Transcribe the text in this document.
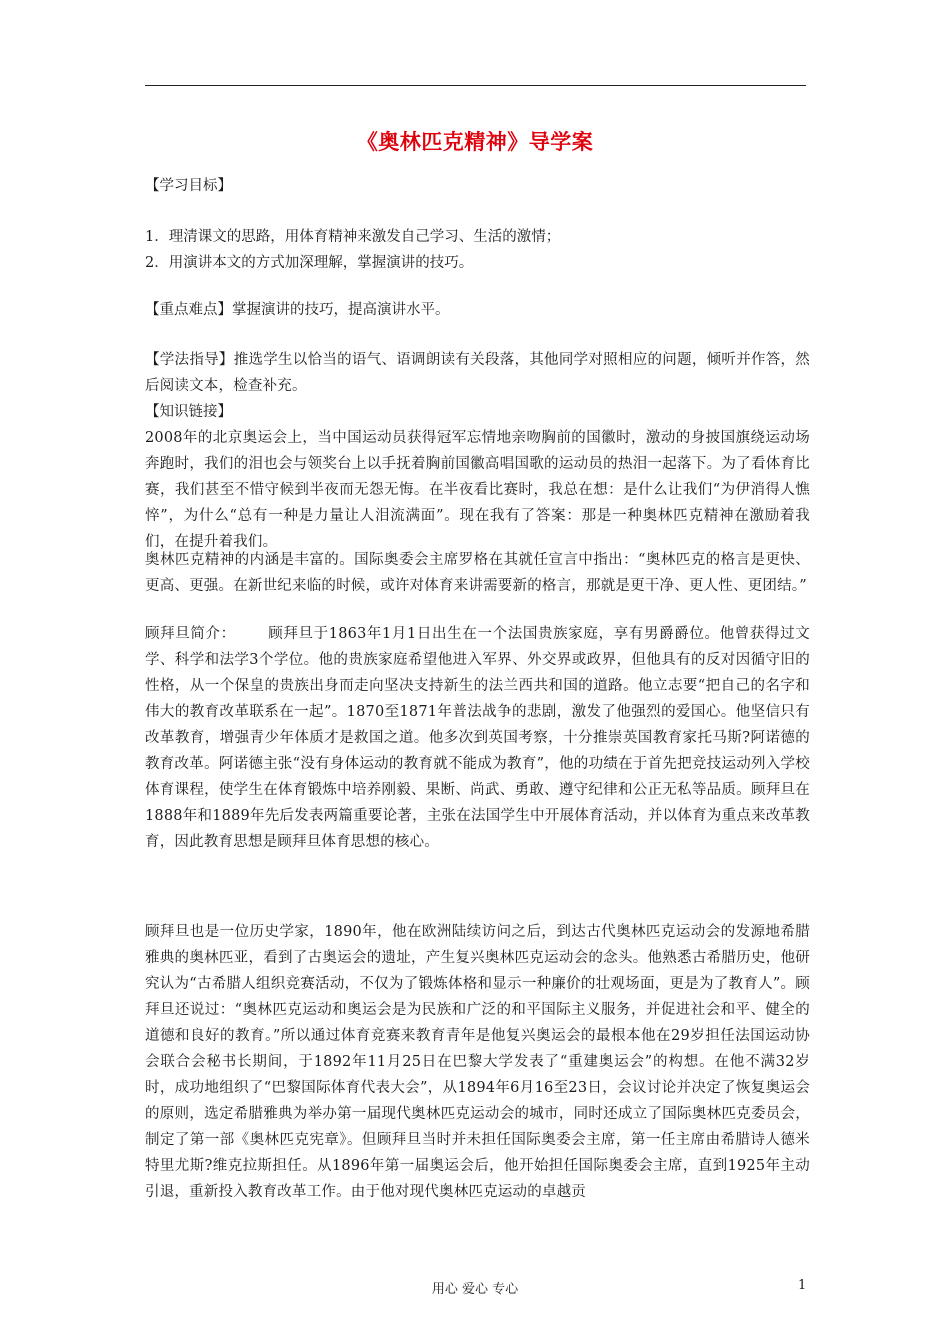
《奥林匹克精神》导学案
【学习目标】
1．理清课文的思路，用体育精神来激发自己学习、生活的激情；
2．用演讲本文的方式加深理解，掌握演讲的技巧。
【重点难点】掌握演讲的技巧，提高演讲水平。
【学法指导】推选学生以恰当的语气、语调朗读有关段落，其他同学对照相应的问题，倾听并作答，然后阅读文本，检查补充。
【知识链接】
2008年的北京奥运会上，当中国运动员获得冠军忘情地亲吻胸前的国徽时，激动的身披国旗绕运动场奔跑时，我们的泪也会与领奖台上以手抚着胸前国徽高唱国歌的运动员的热泪一起落下。为了看体育比赛，我们甚至不惜守候到半夜而无怨无悔。在半夜看比赛时，我总在想：是什么让我们“为伊消得人憔悴”，为什么“总有一种是力量让人泪流满面”。现在我有了答案：那是一种奥林匹克精神在激励着我们，在提升着我们。
奥林匹克精神的内涵是丰富的。国际奥委会主席罗格在其就任宣言中指出：“奥林匹克的格言是更快、更高、更强。在新世纪来临的时候，或许对体育来讲需要新的格言，那就是更干净、更人性、更团结。”
顾拜旦简介： 顾拜旦于1863年1月1日出生在一个法国贵族家庭，享有男爵爵位。他曾获得过文学、科学和法学3个学位。他的贵族家庭希望他进入军界、外交界或政界，但他具有的反对因循守旧的性格，从一个保皇的贵族出身而走向坚决支持新生的法兰西共和国的道路。他立志要“把自己的名字和伟大的教育改革联系在一起”。1870至1871年普法战争的悲剧，激发了他强烈的爱国心。他坚信只有改革教育，增强青少年体质才是救国之道。他多次到英国考察，十分推崇英国教育家托马斯?阿诺德的教育改革。阿诺德主张“没有身体运动的教育就不能成为教育”，他的功绩在于首先把竞技运动列入学校体育课程，使学生在体育锻炼中培养刚毅、果断、尚武、勇敢、遵守纪律和公正无私等品质。顾拜旦在1888年和1889年先后发表两篇重要论著，主张在法国学生中开展体育活动，并以体育为重点来改革教育，因此教育思想是顾拜旦体育思想的核心。
顾拜旦也是一位历史学家，1890年，他在欧洲陆续访问之后，到达古代奥林匹克运动会的发源地希腊雅典的奥林匹亚，看到了古奥运会的遗址，产生复兴奥林匹克运动会的念头。他熟悉古希腊历史，他研究认为“古希腊人组织竞赛活动，不仅为了锻炼体格和显示一种廉价的壮观场面，更是为了教育人”。顾拜旦还说过：“奥林匹克运动和奥运会是为民族和广泛的和平国际主义服务，并促进社会和平、健全的道德和良好的教育。”所以通过体育竞赛来教育青年是他复兴奥运会的最根本他在29岁担任法国运动协会联合会秘书长期间，于1892年11月25日在巴黎大学发表了“重建奥运会”的构想。在他不满32岁时，成功地组织了“巴黎国际体育代表大会”，从1894年6月16至23日，会议讨论并决定了恢复奥运会的原则，选定希腊雅典为举办第一届现代奥林匹克运动会的城市，同时还成立了国际奥林匹克委员会，制定了第一部《奥林匹克宪章》。但顾拜旦当时并未担任国际奥委会主席，第一任主席由希腊诗人德米特里尤斯?维克拉斯担任。从1896年第一届奥运会后，他开始担任国际奥委会主席，直到1925年主动引退，重新投入教育改革工作。由于他对现代奥林匹克运动的卓越贡
用心 爱心 专心	1
